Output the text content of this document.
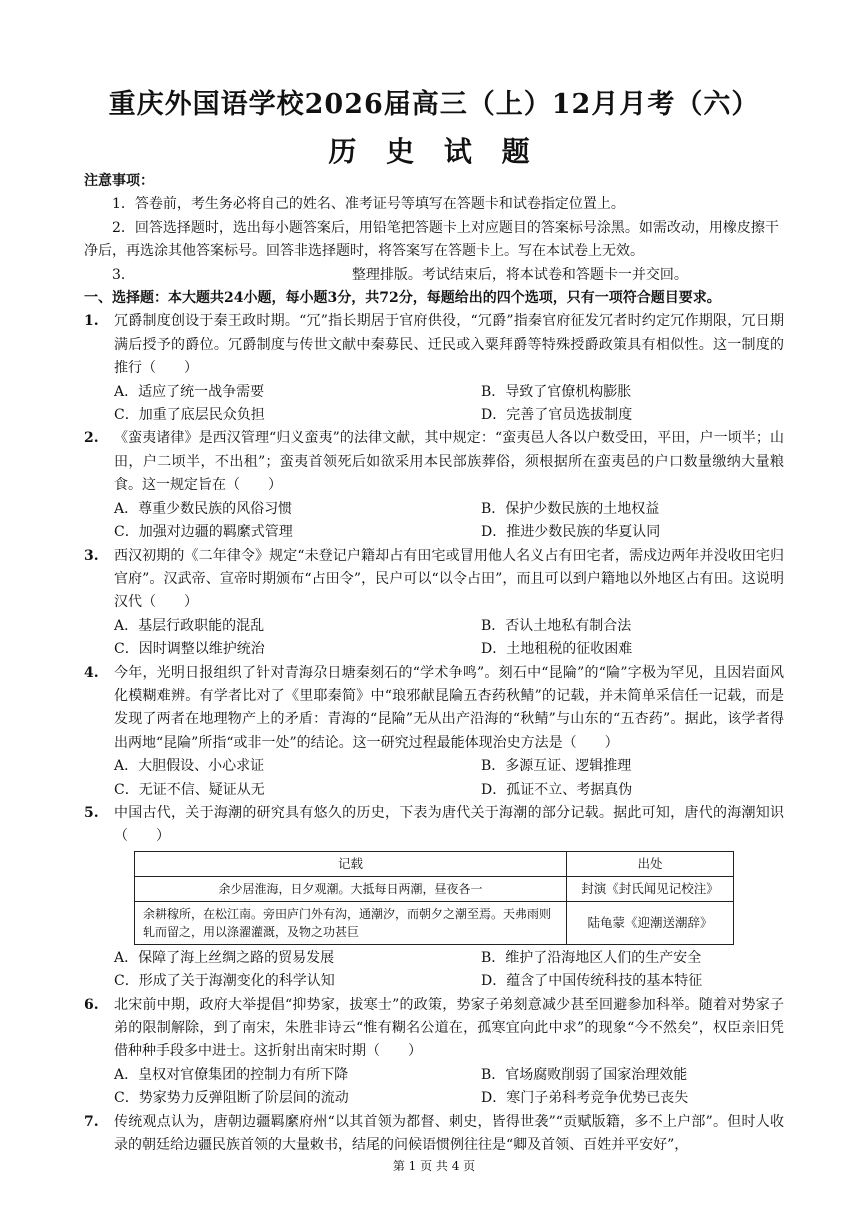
重庆外国语学校2026届高三（上）12月月考（六）
历 史 试 题
注意事项：
1．答卷前，考生务必将自己的姓名、准考证号等填写在答题卡和试卷指定位置上。
2．回答选择题时，选出每小题答案后，用铅笔把答题卡上对应题目的答案标号涂黑。如需改动，用橡皮擦干净后，再选涂其他答案标号。回答非选择题时，将答案写在答题卡上。写在本试卷上无效。
3．　　　　　　　　　　　　　　　　整理排版。考试结束后，将本试卷和答题卡一并交回。
一、选择题：本大题共24小题，每小题3分，共72分，每题给出的四个选项，只有一项符合题目要求。
1.	冗爵制度创设于秦王政时期。“冗”指长期居于官府供役，“冗爵”指秦官府征发冗者时约定冗作期限，冗日期满后授予的爵位。冗爵制度与传世文献中秦募民、迁民或入粟拜爵等特殊授爵政策具有相似性。这一制度的推行（　　）
A．适应了统一战争需要	B．导致了官僚机构膨胀
C．加重了底层民众负担	D．完善了官员选拔制度
2.	《蛮夷诸律》是西汉管理“归义蛮夷”的法律文献，其中规定：“蛮夷邑人各以户数受田，平田，户一顷半；山田，户二顷半，不出租”；蛮夷首领死后如欲采用本民部族葬俗，须根据所在蛮夷邑的户口数量缴纳大量粮食。这一规定旨在（　　）
A．尊重少数民族的风俗习惯	B．保护少数民族的土地权益
C．加强对边疆的羁縻式管理	D．推进少数民族的华夏认同
3.	西汉初期的《二年律令》规定“未登记户籍却占有田宅或冒用他人名义占有田宅者，需戍边两年并没收田宅归官府”。汉武帝、宣帝时期颁布“占田令”，民户可以“以令占田”，而且可以到户籍地以外地区占有田。这说明汉代（　　）
A．基层行政职能的混乱	B．否认土地私有制合法
C．因时调整以维护统治	D．土地租税的征收困难
4.	今年，光明日报组织了针对青海尕日塘秦刻石的“学术争鸣”。刻石中“昆陯”的“陯”字极为罕见，且因岩面风化模糊难辨。有学者比对了《里耶秦简》中“琅邪献昆陯五杏药秋鲭”的记载，并未简单采信任一记载，而是发现了两者在地理物产上的矛盾：青海的“昆陯”无从出产沿海的“秋鲭”与山东的“五杏药”。据此，该学者得出两地“昆陯”所指“或非一处”的结论。这一研究过程最能体现治史方法是（　　）
A．大胆假设、小心求证	B．多源互证、逻辑推理
C．无证不信、疑证从无	D．孤证不立、考据真伪
5.	中国古代，关于海潮的研究具有悠久的历史，下表为唐代关于海潮的部分记载。据此可知，唐代的海潮知识（　　）
记载	出处
余少居淮海，日夕观潮。大抵每日两潮，昼夜各一	封演《封氏闻见记校注》
余耕稼所，在松江南。旁田庐门外有沟，通潮汐，而朝夕之潮至焉。天弗雨则轧而留之，用以涤濯灌溉，及物之功甚巨	陆龟蒙《迎潮送潮辞》
A．保障了海上丝绸之路的贸易发展	B．维护了沿海地区人们的生产安全
C．形成了关于海潮变化的科学认知	D．蕴含了中国传统科技的基本特征
6.	北宋前中期，政府大举提倡“抑势家，拔寒士”的政策，势家子弟刻意减少甚至回避参加科举。随着对势家子弟的限制解除，到了南宋，朱胜非诗云“惟有糊名公道在，孤寒宜向此中求”的现象“今不然矣”，权臣亲旧凭借种种手段多中进士。这折射出南宋时期（　　）
A．皇权对官僚集团的控制力有所下降	B．官场腐败削弱了国家治理效能
C．势家势力反弹阻断了阶层间的流动	D．寒门子弟科考竞争优势已丧失
7.	传统观点认为，唐朝边疆羁縻府州“以其首领为都督、刺史，皆得世袭”“贡赋版籍，多不上户部”。但时人收录的朝廷给边疆民族首领的大量敕书，结尾的问候语惯例往往是“卿及首领、百姓并平安好”，
第 1 页 共 4 页
